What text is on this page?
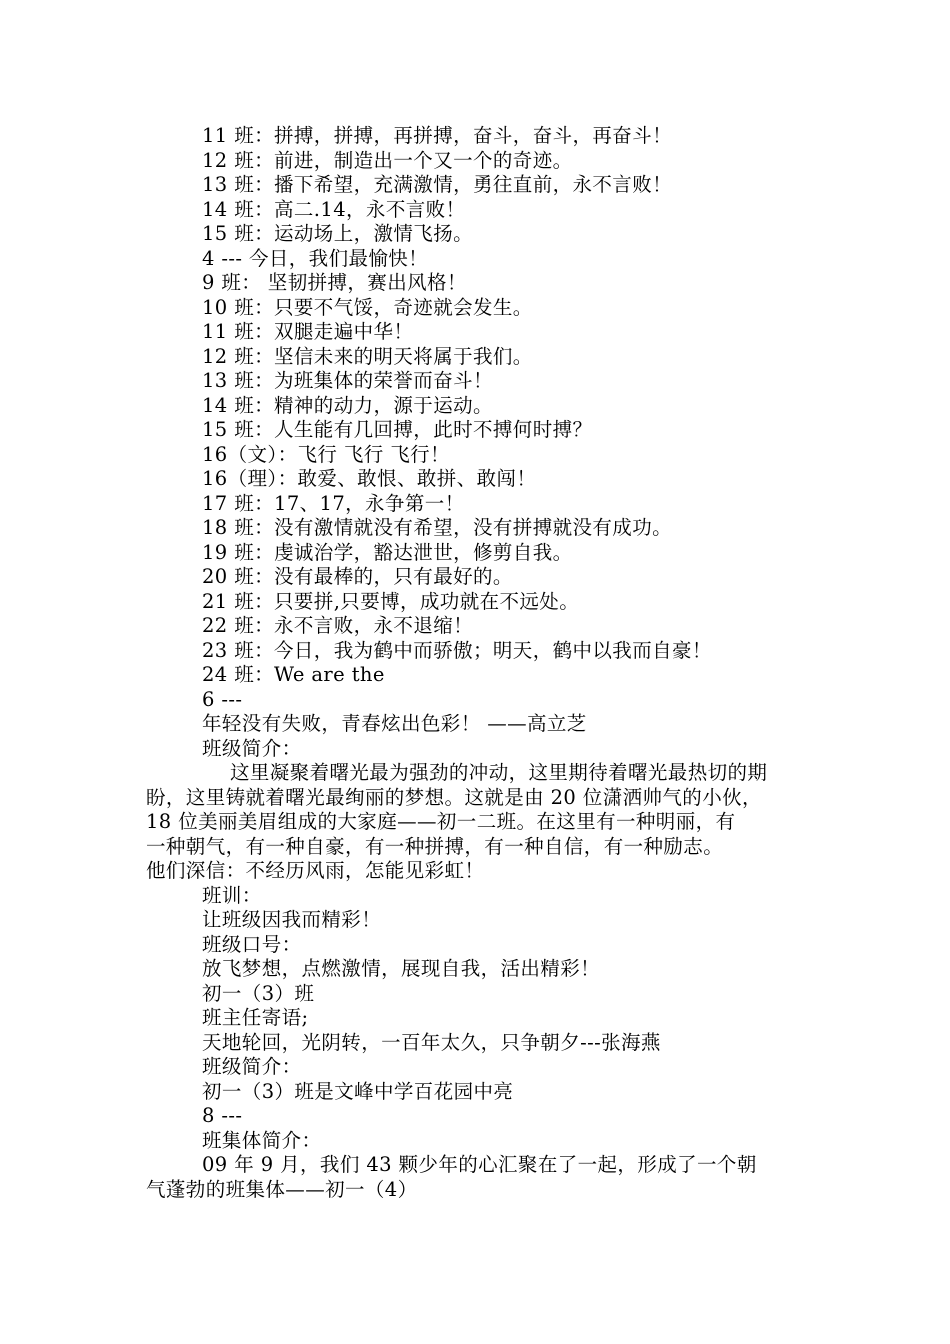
11 班：拼搏，拼搏，再拼搏，奋斗，奋斗，再奋斗！
12 班：前进，制造出一个又一个的奇迹。
13 班：播下希望，充满激情，勇往直前，永不言败！
14 班：高二.14，永不言败！
15 班：运动场上，激情飞扬。
4 --- 今日，我们最愉快！
9 班： 坚韧拼搏，赛出风格！
10 班：只要不气馁，奇迹就会发生。
11 班：双腿走遍中华！
12 班：坚信未来的明天将属于我们。
13 班：为班集体的荣誉而奋斗！
14 班：精神的动力，源于运动。
15 班：人生能有几回搏，此时不搏何时搏？
16（文）：飞行 飞行 飞行！
16（理）：敢爱、敢恨、敢拼、敢闯！
17 班：17、17，永争第一！
18 班：没有激情就没有希望，没有拼搏就没有成功。
19 班：虔诚治学，豁达泄世，修剪自我。
20 班：没有最棒的，只有最好的。
21 班：只要拼,只要博，成功就在不远处。
22 班：永不言败，永不退缩！
23 班：今日，我为鹤中而骄傲；明天，鹤中以我而自豪！
24 班：We are the
6 ---
年轻没有失败，青春炫出色彩！ ——高立芝
班级简介：
这里凝聚着曙光最为强劲的冲动，这里期待着曙光最热切的期
盼，这里铸就着曙光最绚丽的梦想。这就是由 20 位潇洒帅气的小伙，
18 位美丽美眉组成的大家庭——初一二班。在这里有一种明丽，有
一种朝气，有一种自豪，有一种拼搏，有一种自信，有一种励志。
他们深信：不经历风雨，怎能见彩虹！
班训：
让班级因我而精彩！
班级口号：
放飞梦想，点燃激情，展现自我，活出精彩！
初一（3）班
班主任寄语;
天地轮回，光阴转，一百年太久，只争朝夕---张海燕
班级简介：
初一（3）班是文峰中学百花园中亮
8 ---
班集体简介：
09 年 9 月，我们 43 颗少年的心汇聚在了一起，形成了一个朝
气蓬勃的班集体——初一（4）
